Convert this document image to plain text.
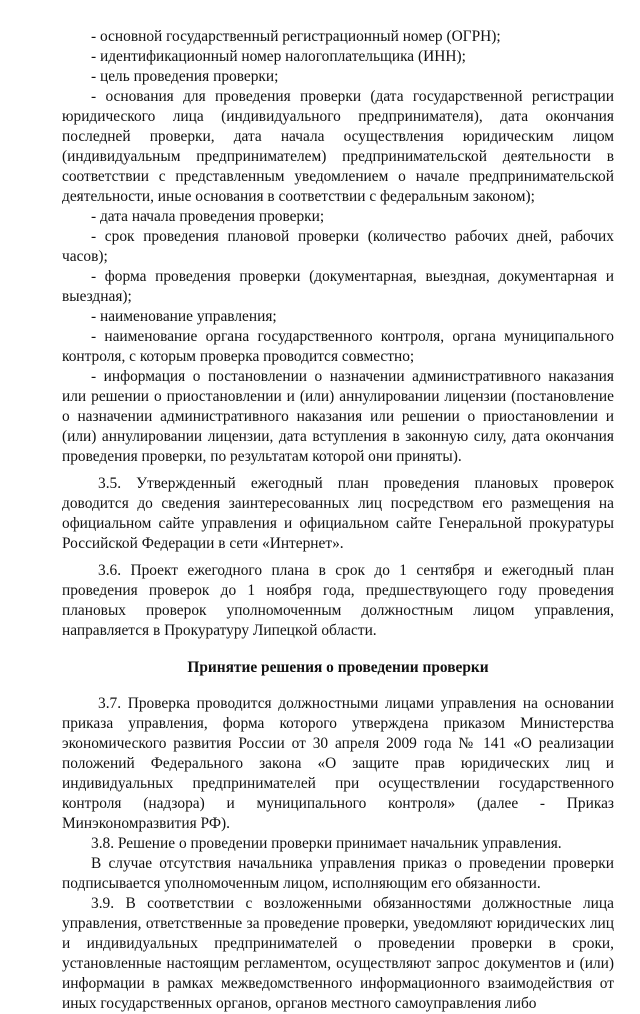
- основной государственный регистрационный номер (ОГРН);

- идентификационный номер налогоплательщика (ИНН);

- цель проведения проверки;

- основания для проведения проверки (дата государственной регистрации юридического лица (индивидуального предпринимателя), дата окончания последней проверки, дата начала осуществления юридическим лицом (индивидуальным предпринимателем) предпринимательской деятельности в соответствии с представленным уведомлением о начале предпринимательской деятельности, иные основания в соответствии с федеральным законом);

- дата начала проведения проверки;

- срок проведения плановой проверки (количество рабочих дней, рабочих часов);

- форма проведения проверки (документарная, выездная, документарная и выездная);

- наименование управления;

- наименование органа государственного контроля, органа муниципального контроля, с которым проверка проводится совместно;

- информация о постановлении о назначении административного наказания или решении о приостановлении и (или) аннулировании лицензии (постановление о назначении административного наказания или решении о приостановлении и (или) аннулировании лицензии, дата вступления в законную силу, дата окончания проведения проверки, по результатам которой они приняты).

3.5. Утвержденный ежегодный план проведения плановых проверок доводится до сведения заинтересованных лиц посредством его размещения на официальном сайте управления и официальном сайте Генеральной прокуратуры Российской Федерации в сети «Интернет».

3.6. Проект ежегодного плана в срок до 1 сентября и ежегодный план проведения проверок до 1 ноября года, предшествующего году проведения плановых проверок уполномоченным должностным лицом управления, направляется в Прокуратуру Липецкой области.

Принятие решения о проведении проверки

3.7. Проверка проводится должностными лицами управления на основании приказа управления, форма которого утверждена приказом Министерства экономического развития России от 30 апреля 2009 года № 141 «О реализации положений Федерального закона «О защите прав юридических лиц и индивидуальных предпринимателей при осуществлении государственного контроля (надзора) и муниципального контроля» (далее - Приказ Минэкономразвития РФ).

3.8. Решение о проведении проверки принимает начальник управления.

В случае отсутствия начальника управления приказ о проведении проверки подписывается уполномоченным лицом, исполняющим его обязанности.

3.9. В соответствии с возложенными обязанностями должностные лица управления, ответственные за проведение проверки, уведомляют юридических лиц и индивидуальных предпринимателей о проведении проверки в сроки, установленные настоящим регламентом, осуществляют запрос документов и (или) информации в рамках межведомственного информационного взаимодействия от иных государственных органов, органов местного самоуправления либо
